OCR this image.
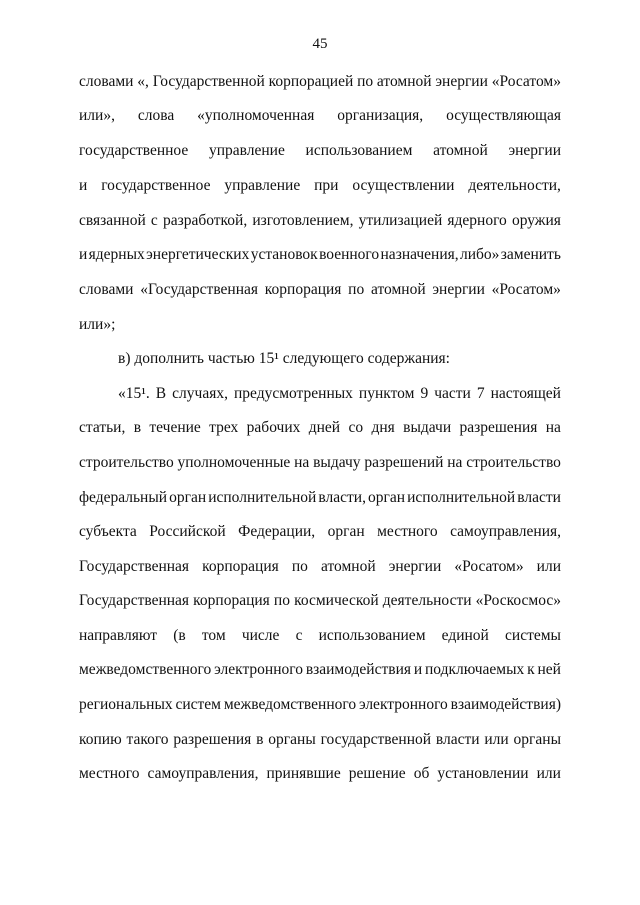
45
словами «, Государственной корпорацией по атомной энергии «Росатом»
или», слова «уполномоченная организация, осуществляющая
государственное управление использованием атомной энергии
и государственное управление при осуществлении деятельности,
связанной с разработкой, изготовлением, утилизацией ядерного оружия
и ядерных энергетических установок военного назначения, либо» заменить
словами «Государственная корпорация по атомной энергии «Росатом»
или»;
в) дополнить частью 15¹ следующего содержания:
«15¹. В случаях, предусмотренных пунктом 9 части 7 настоящей
статьи, в течение трех рабочих дней со дня выдачи разрешения на
строительство уполномоченные на выдачу разрешений на строительство
федеральный орган исполнительной власти, орган исполнительной власти
субъекта Российской Федерации, орган местного самоуправления,
Государственная корпорация по атомной энергии «Росатом» или
Государственная корпорация по космической деятельности «Роскосмос»
направляют (в том числе с использованием единой системы
межведомственного электронного взаимодействия и подключаемых к ней
региональных систем межведомственного электронного взаимодействия)
копию такого разрешения в органы государственной власти или органы
местного самоуправления, принявшие решение об установлении или
